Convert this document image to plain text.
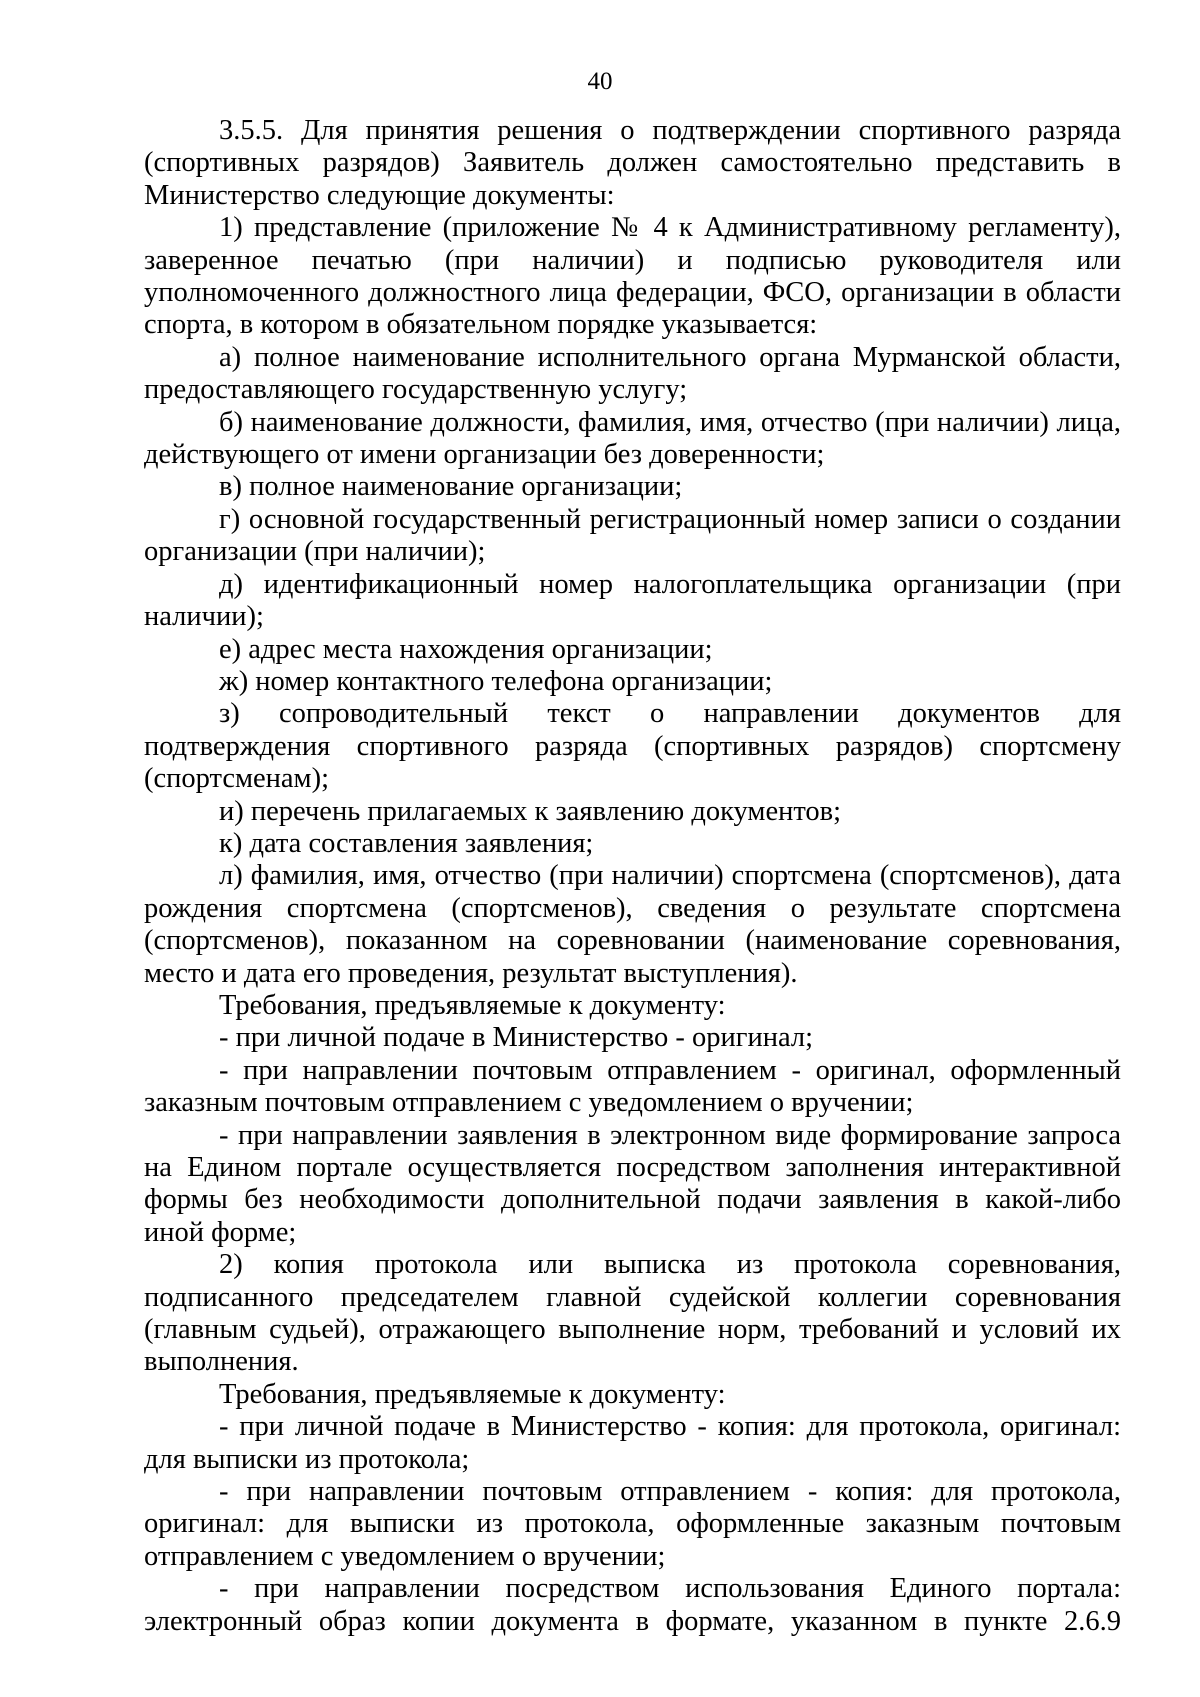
40

3.5.5. Для принятия решения о подтверждении спортивного разряда (спортивных разрядов) Заявитель должен самостоятельно представить в Министерство следующие документы:

1) представление (приложение № 4 к Административному регламенту), заверенное печатью (при наличии) и подписью руководителя или уполномоченного должностного лица федерации, ФСО, организации в области спорта, в котором в обязательном порядке указывается:

а) полное наименование исполнительного органа Мурманской области, предоставляющего государственную услугу;

б) наименование должности, фамилия, имя, отчество (при наличии) лица, действующего от имени организации без доверенности;

в) полное наименование организации;

г) основной государственный регистрационный номер записи о создании организации (при наличии);

д) идентификационный номер налогоплательщика организации (при наличии);

е) адрес места нахождения организации;

ж) номер контактного телефона организации;

з) сопроводительный текст о направлении документов для подтверждения спортивного разряда (спортивных разрядов) спортсмену (спортсменам);

и) перечень прилагаемых к заявлению документов;

к) дата составления заявления;

л) фамилия, имя, отчество (при наличии) спортсмена (спортсменов), дата рождения спортсмена (спортсменов), сведения о результате спортсмена (спортсменов), показанном на соревновании (наименование соревнования, место и дата его проведения, результат выступления).

Требования, предъявляемые к документу:

- при личной подаче в Министерство - оригинал;

- при направлении почтовым отправлением - оригинал, оформленный заказным почтовым отправлением с уведомлением о вручении;

- при направлении заявления в электронном виде формирование запроса на Едином портале осуществляется посредством заполнения интерактивной формы без необходимости дополнительной подачи заявления в какой-либо иной форме;

2) копия протокола или выписка из протокола соревнования, подписанного председателем главной судейской коллегии соревнования (главным судьей), отражающего выполнение норм, требований и условий их выполнения.

Требования, предъявляемые к документу:

- при личной подаче в Министерство - копия: для протокола, оригинал: для выписки из протокола;

- при направлении почтовым отправлением - копия: для протокола, оригинал: для выписки из протокола, оформленные заказным почтовым отправлением с уведомлением о вручении;

- при направлении посредством использования Единого портала: электронный образ копии документа в формате, указанном в пункте 2.6.9
